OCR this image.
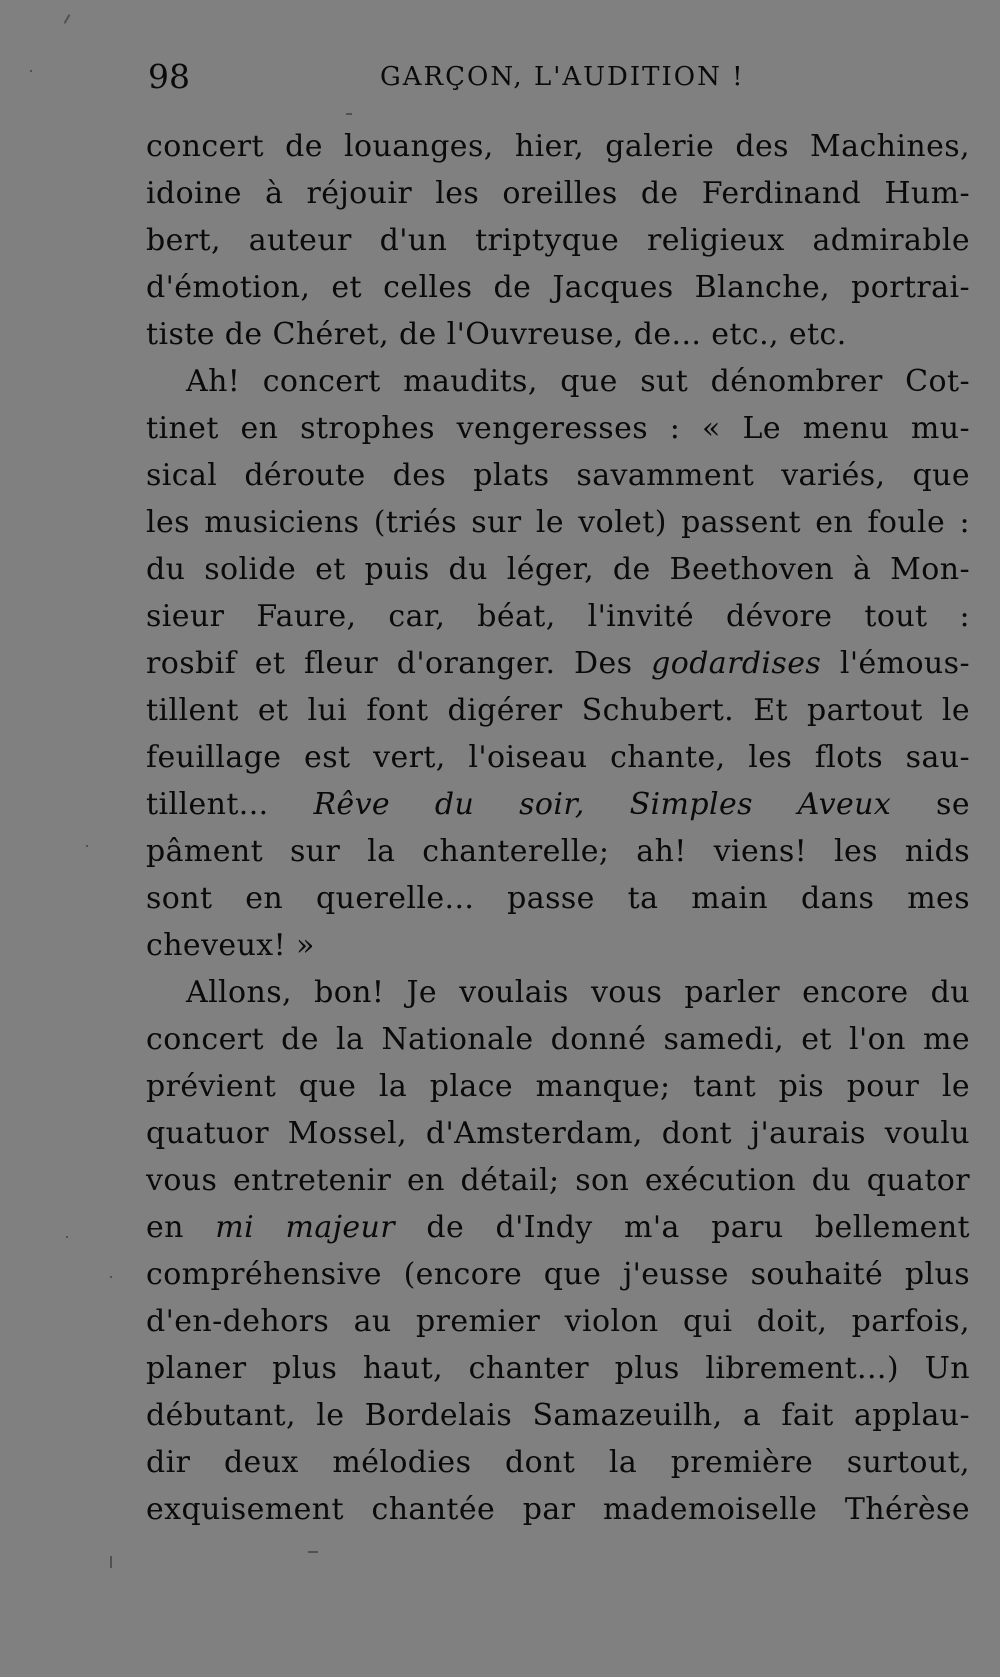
98	GARÇON, L'AUDITION !
concert de louanges, hier, galerie des Machines,
idoine à réjouir les oreilles de Ferdinand Hum-
bert, auteur d'un triptyque religieux admirable
d'émotion, et celles de Jacques Blanche, portrai-
tiste de Chéret, de l'Ouvreuse, de... etc., etc.
Ah! concert maudits, que sut dénombrer Cot-
tinet en strophes vengeresses : « Le menu mu-
sical déroute des plats savamment variés, que
les musiciens (triés sur le volet) passent en foule :
du solide et puis du léger, de Beethoven à Mon-
sieur Faure, car, béat, l'invité dévore tout :
rosbif et fleur d'oranger. Des godardises l'émous-
tillent et lui font digérer Schubert. Et partout le
feuillage est vert, l'oiseau chante, les flots sau-
tillent... Rêve du soir, Simples Aveux se
pâment sur la chanterelle; ah! viens! les nids
sont en querelle... passe ta main dans mes
cheveux! »
Allons, bon! Je voulais vous parler encore du
concert de la Nationale donné samedi, et l'on me
prévient que la place manque; tant pis pour le
quatuor Mossel, d'Amsterdam, dont j'aurais voulu
vous entretenir en détail; son exécution du quator
en mi majeur de d'Indy m'a paru bellement
compréhensive (encore que j'eusse souhaité plus
d'en-dehors au premier violon qui doit, parfois,
planer plus haut, chanter plus librement...) Un
débutant, le Bordelais Samazeuilh, a fait applau-
dir deux mélodies dont la première surtout,
exquisement chantée par mademoiselle Thérèse
